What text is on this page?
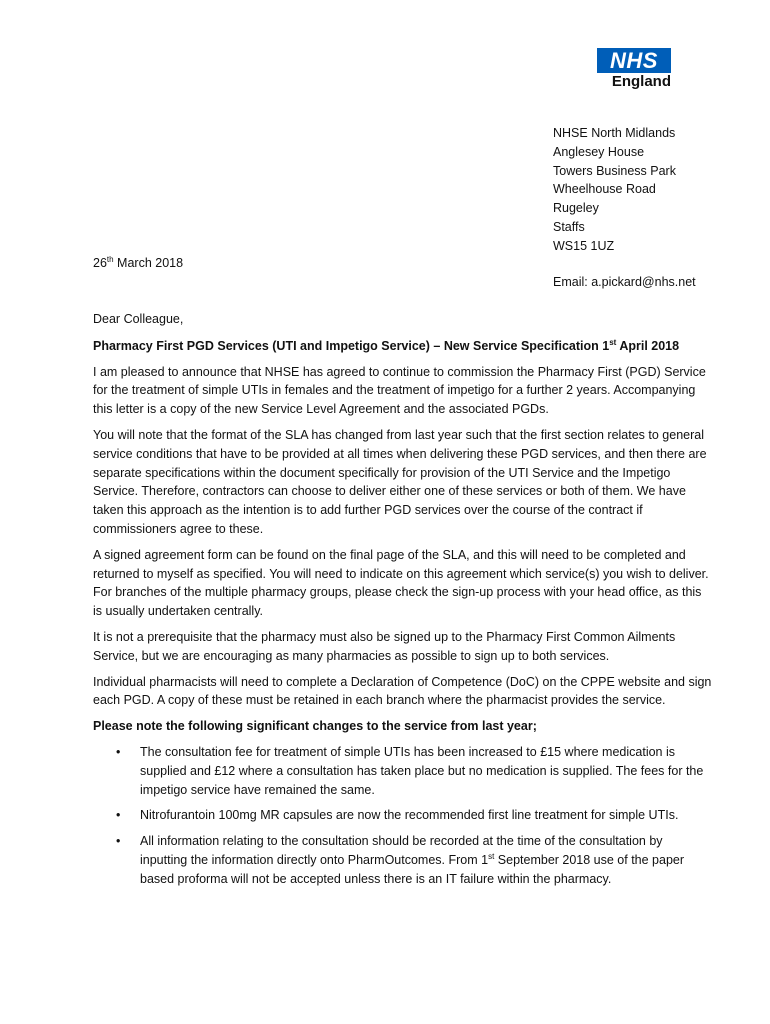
NHS
England
NHSE North Midlands
Anglesey House
Towers Business Park
Wheelhouse Road
Rugeley
Staffs
WS15 1UZ
26th March 2018
Email: a.pickard@nhs.net

Dear Colleague,

Pharmacy First PGD Services (UTI and Impetigo Service) – New Service Specification 1st April 2018

I am pleased to announce that NHSE has agreed to continue to commission the Pharmacy First (PGD) Service for the treatment of simple UTIs in females and the treatment of impetigo for a further 2 years. Accompanying this letter is a copy of the new Service Level Agreement and the associated PGDs.

You will note that the format of the SLA has changed from last year such that the first section relates to general service conditions that have to be provided at all times when delivering these PGD services, and then there are separate specifications within the document specifically for provision of the UTI Service and the Impetigo Service. Therefore, contractors can choose to deliver either one of these services or both of them. We have taken this approach as the intention is to add further PGD services over the course of the contract if commissioners agree to these.

A signed agreement form can be found on the final page of the SLA, and this will need to be completed and returned to myself as specified. You will need to indicate on this agreement which service(s) you wish to deliver. For branches of the multiple pharmacy groups, please check the sign-up process with your head office, as this is usually undertaken centrally.

It is not a prerequisite that the pharmacy must also be signed up to the Pharmacy First Common Ailments Service, but we are encouraging as many pharmacies as possible to sign up to both services.

Individual pharmacists will need to complete a Declaration of Competence (DoC) on the CPPE website and sign each PGD. A copy of these must be retained in each branch where the pharmacist provides the service.

Please note the following significant changes to the service from last year;

• The consultation fee for treatment of simple UTIs has been increased to £15 where medication is supplied and £12 where a consultation has taken place but no medication is supplied. The fees for the impetigo service have remained the same.
• Nitrofurantoin 100mg MR capsules are now the recommended first line treatment for simple UTIs.
• All information relating to the consultation should be recorded at the time of the consultation by inputting the information directly onto PharmOutcomes. From 1st September 2018 use of the paper based proforma will not be accepted unless there is an IT failure within the pharmacy.
